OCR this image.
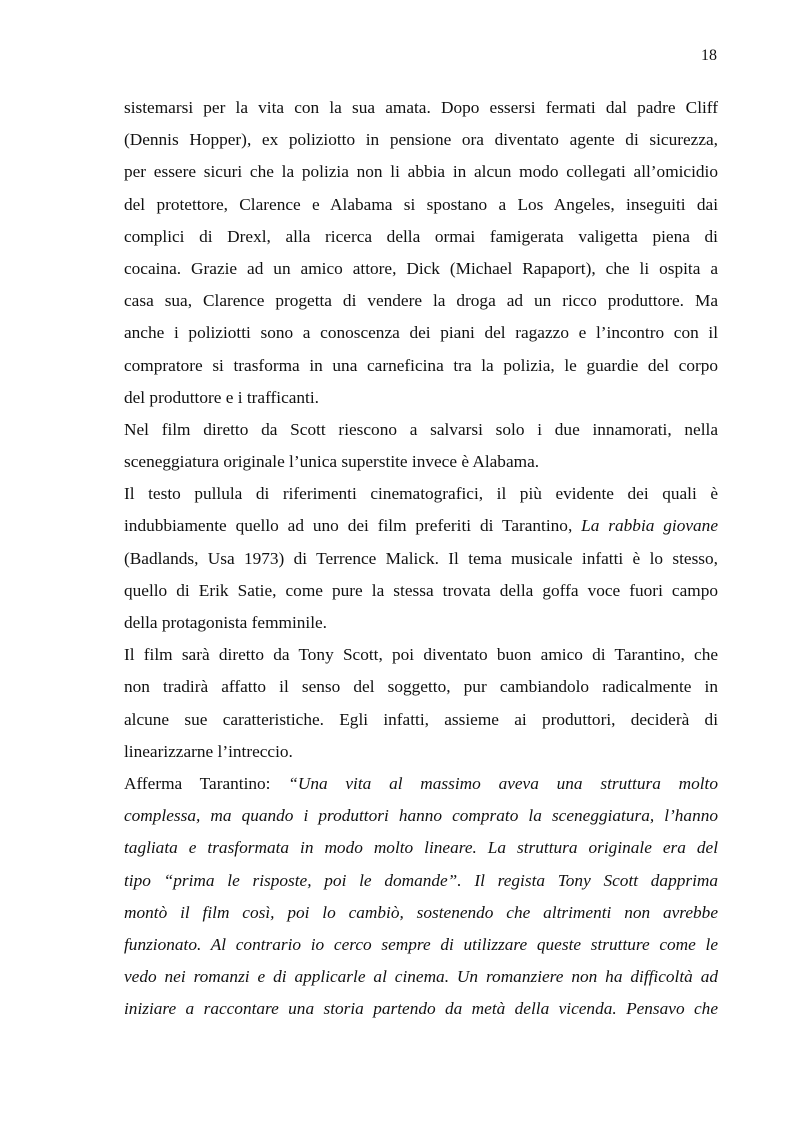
18
sistemarsi per la vita con la sua amata. Dopo essersi fermati dal padre Cliff
(Dennis Hopper), ex poliziotto in pensione ora diventato agente di sicurezza,
per essere sicuri che la polizia non li abbia in alcun modo collegati all’omicidio
del protettore, Clarence e Alabama si spostano a Los Angeles, inseguiti dai
complici di Drexl, alla ricerca della ormai famigerata valigetta piena di
cocaina. Grazie ad un amico attore, Dick (Michael Rapaport), che li ospita a
casa sua, Clarence progetta di vendere la droga ad un ricco produttore. Ma
anche i poliziotti sono a conoscenza dei piani del ragazzo e l’incontro con il
compratore si trasforma in una carneficina tra la polizia, le guardie del corpo
del produttore e i trafficanti.
Nel film diretto da Scott riescono a salvarsi solo i due innamorati, nella
sceneggiatura originale l’unica superstite invece è Alabama.
Il testo pullula di riferimenti cinematografici, il più evidente dei quali è
indubbiamente quello ad uno dei film preferiti di Tarantino, La rabbia giovane
(Badlands, Usa 1973) di Terrence Malick. Il tema musicale infatti è lo stesso,
quello di Erik Satie, come pure la stessa trovata della goffa voce fuori campo
della protagonista femminile.
Il film sarà diretto da Tony Scott, poi diventato buon amico di Tarantino, che
non tradirà affatto il senso del soggetto, pur cambiandolo radicalmente in
alcune sue caratteristiche. Egli infatti, assieme ai produttori, deciderà di
linearizzarne l’intreccio.
Afferma Tarantino: “Una vita al massimo aveva una struttura molto
complessa, ma quando i produttori hanno comprato la sceneggiatura, l’hanno
tagliata e trasformata in modo molto lineare. La struttura originale era del
tipo “prima le risposte, poi le domande”. Il regista Tony Scott dapprima
montò il film così, poi lo cambiò, sostenendo che altrimenti non avrebbe
funzionato. Al contrario io cerco sempre di utilizzare queste strutture come le
vedo nei romanzi e di applicarle al cinema. Un romanziere non ha difficoltà ad
iniziare a raccontare una storia partendo da metà della vicenda. Pensavo che
